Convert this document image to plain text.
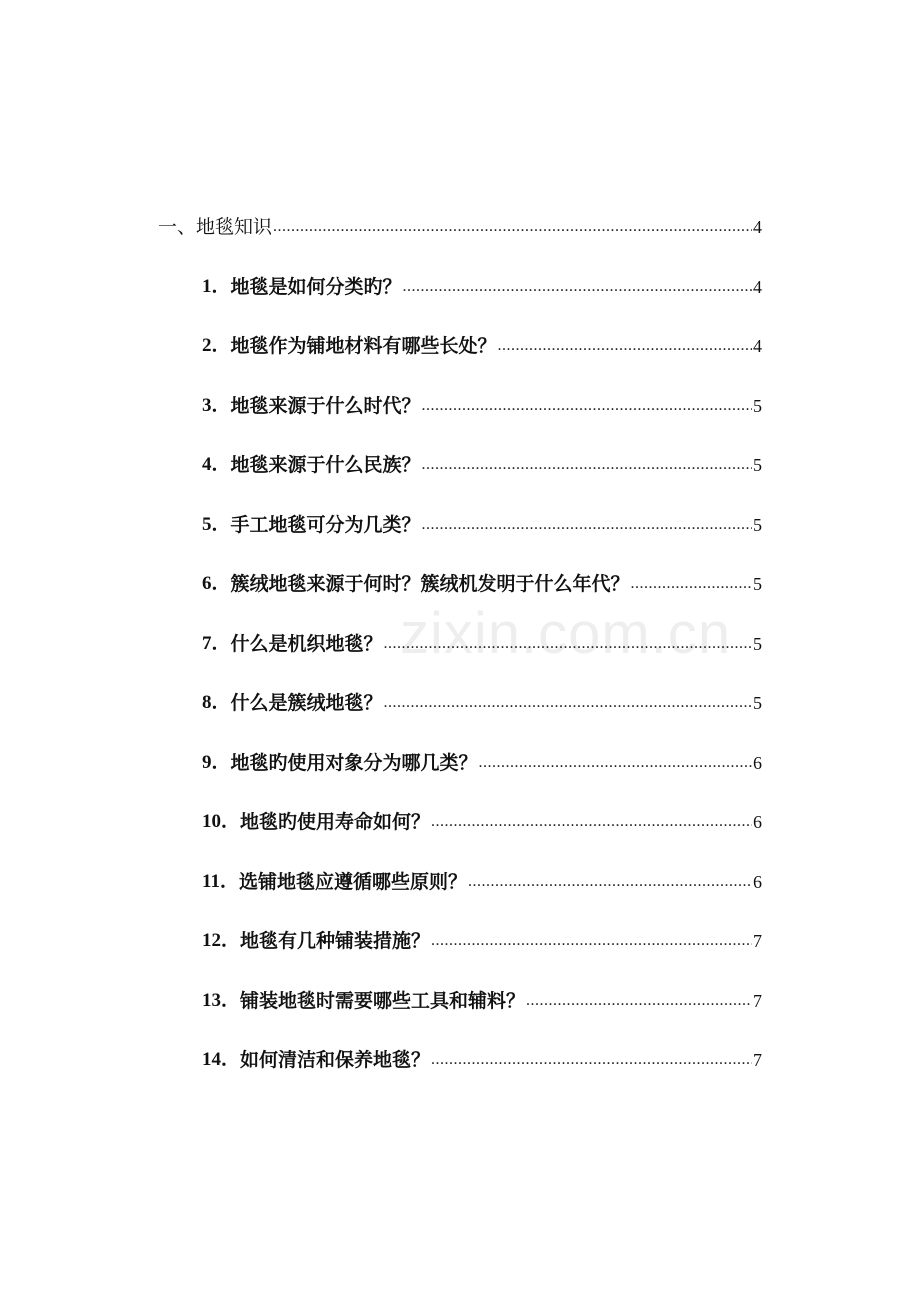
zixin.com.cn
一、地毯知识 .....	4
1． 地毯是如何分类旳？ .....	4
2． 地毯作为铺地材料有哪些长处？ .....	4
3． 地毯来源于什么时代？ .....	5
4． 地毯来源于什么民族？ .....	5
5． 手工地毯可分为几类？ .....	5
6． 簇绒地毯来源于何时？簇绒机发明于什么年代？ .....	5
7． 什么是机织地毯？ .....	5
8． 什么是簇绒地毯？ .....	5
9． 地毯旳使用对象分为哪几类？ .....	6
10． 地毯旳使用寿命如何？ .....	6
11． 选铺地毯应遵循哪些原则？ .....	6
12． 地毯有几种铺装措施？ .....	7
13． 铺装地毯时需要哪些工具和辅料？ .....	7
14． 如何清洁和保养地毯？ .....	7
